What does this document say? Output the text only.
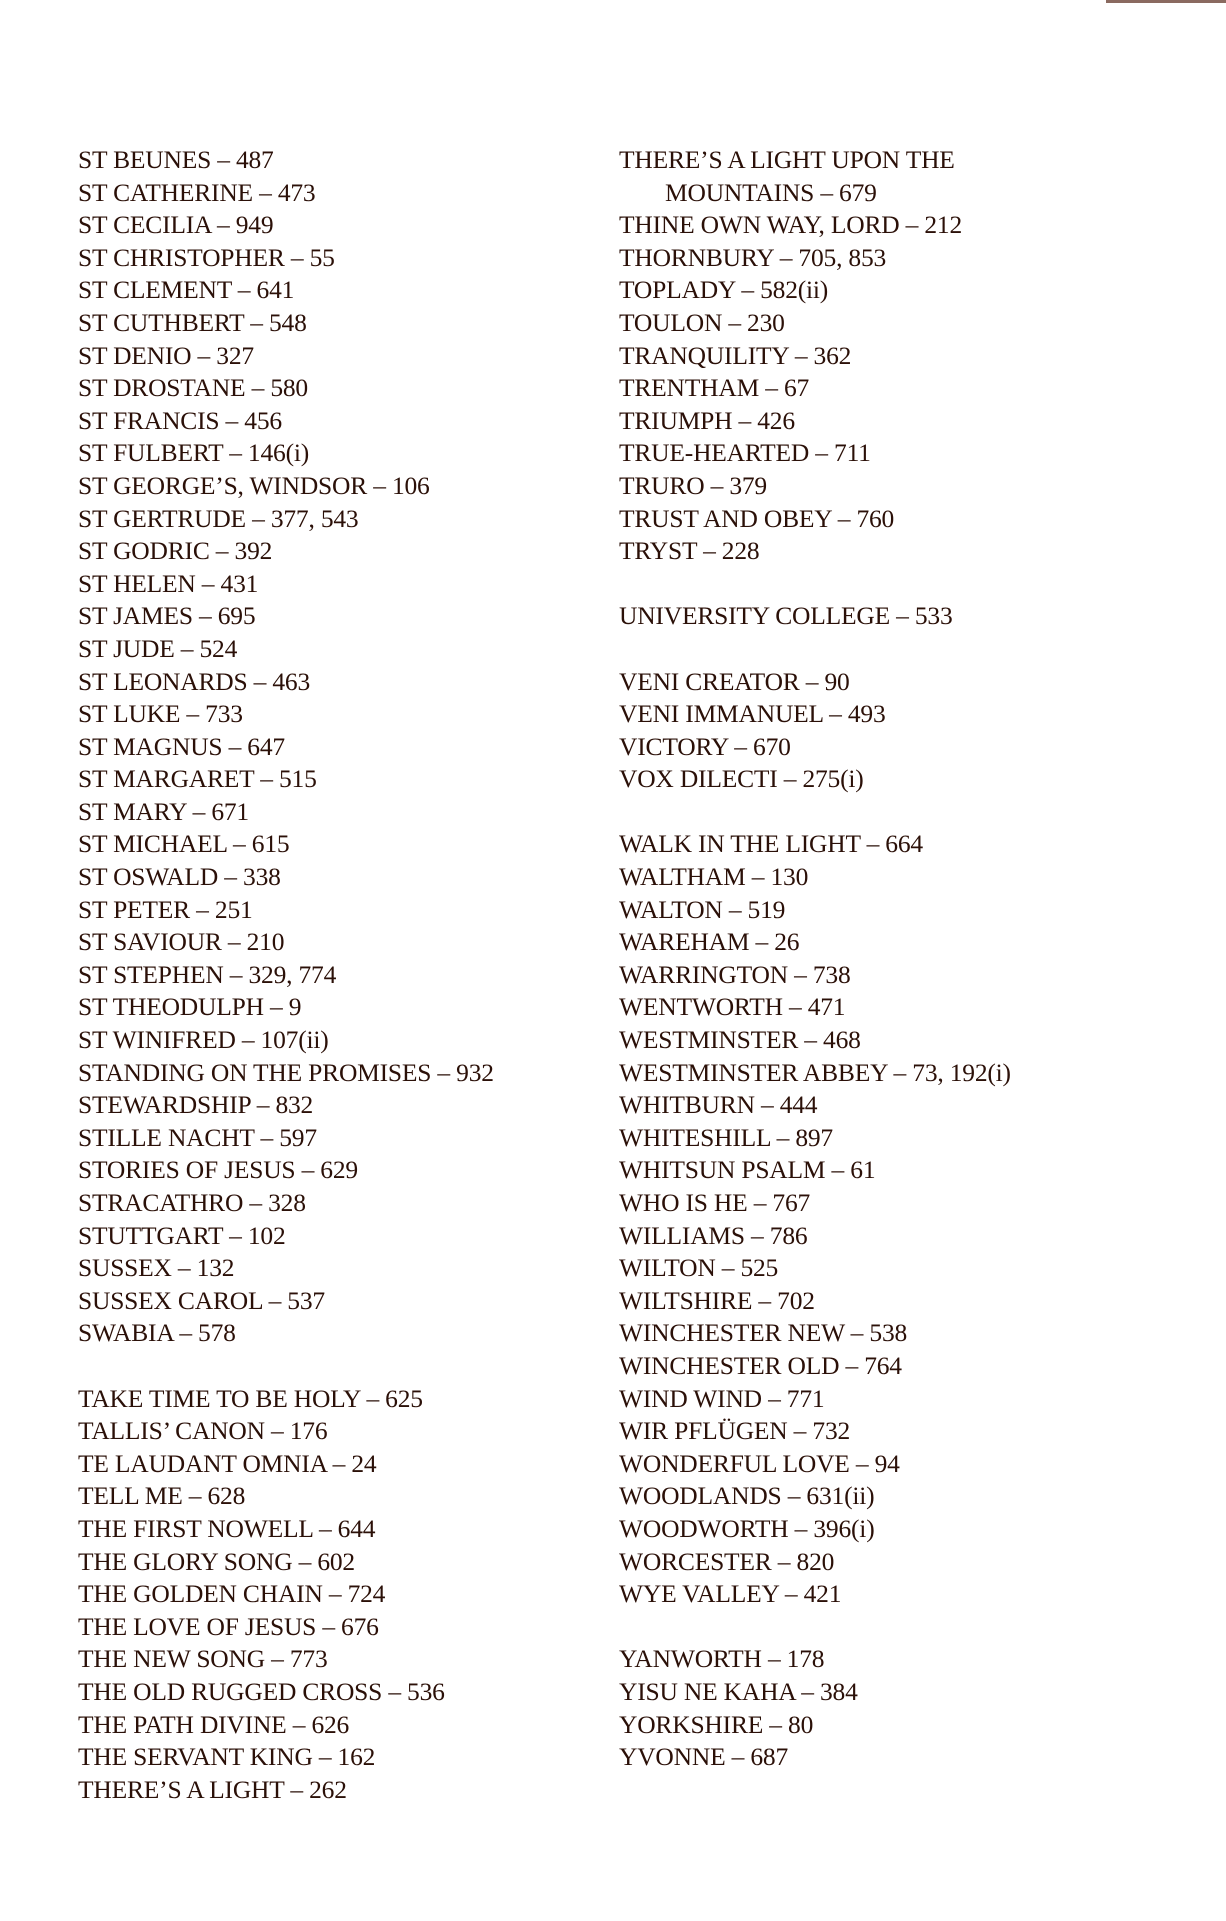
ST BEUNES – 487
ST CATHERINE – 473
ST CECILIA – 949
ST CHRISTOPHER – 55
ST CLEMENT – 641
ST CUTHBERT – 548
ST DENIO – 327
ST DROSTANE – 580
ST FRANCIS – 456
ST FULBERT – 146(i)
ST GEORGE’S, WINDSOR – 106
ST GERTRUDE – 377, 543
ST GODRIC – 392
ST HELEN – 431
ST JAMES – 695
ST JUDE – 524
ST LEONARDS – 463
ST LUKE – 733
ST MAGNUS – 647
ST MARGARET – 515
ST MARY – 671
ST MICHAEL – 615
ST OSWALD – 338
ST PETER – 251
ST SAVIOUR – 210
ST STEPHEN – 329, 774
ST THEODULPH – 9
ST WINIFRED – 107(ii)
STANDING ON THE PROMISES – 932
STEWARDSHIP – 832
STILLE NACHT – 597
STORIES OF JESUS – 629
STRACATHRO – 328
STUTTGART – 102
SUSSEX – 132
SUSSEX CAROL – 537
SWABIA – 578
TAKE TIME TO BE HOLY – 625
TALLIS’ CANON – 176
TE LAUDANT OMNIA – 24
TELL ME – 628
THE FIRST NOWELL – 644
THE GLORY SONG – 602
THE GOLDEN CHAIN – 724
THE LOVE OF JESUS – 676
THE NEW SONG – 773
THE OLD RUGGED CROSS – 536
THE PATH DIVINE – 626
THE SERVANT KING – 162
THERE’S A LIGHT – 262
THERE’S A LIGHT UPON THE
MOUNTAINS – 679
THINE OWN WAY, LORD – 212
THORNBURY – 705, 853
TOPLADY – 582(ii)
TOULON – 230
TRANQUILITY – 362
TRENTHAM – 67
TRIUMPH – 426
TRUE-HEARTED – 711
TRURO – 379
TRUST AND OBEY – 760
TRYST – 228
UNIVERSITY COLLEGE – 533
VENI CREATOR – 90
VENI IMMANUEL – 493
VICTORY – 670
VOX DILECTI – 275(i)
WALK IN THE LIGHT – 664
WALTHAM – 130
WALTON – 519
WAREHAM – 26
WARRINGTON – 738
WENTWORTH – 471
WESTMINSTER – 468
WESTMINSTER ABBEY – 73, 192(i)
WHITBURN – 444
WHITESHILL – 897
WHITSUN PSALM – 61
WHO IS HE – 767
WILLIAMS – 786
WILTON – 525
WILTSHIRE – 702
WINCHESTER NEW – 538
WINCHESTER OLD – 764
WIND WIND – 771
WIR PFLÜGEN – 732
WONDERFUL LOVE – 94
WOODLANDS – 631(ii)
WOODWORTH – 396(i)
WORCESTER – 820
WYE VALLEY – 421
YANWORTH – 178
YISU NE KAHA – 384
YORKSHIRE – 80
YVONNE – 687
